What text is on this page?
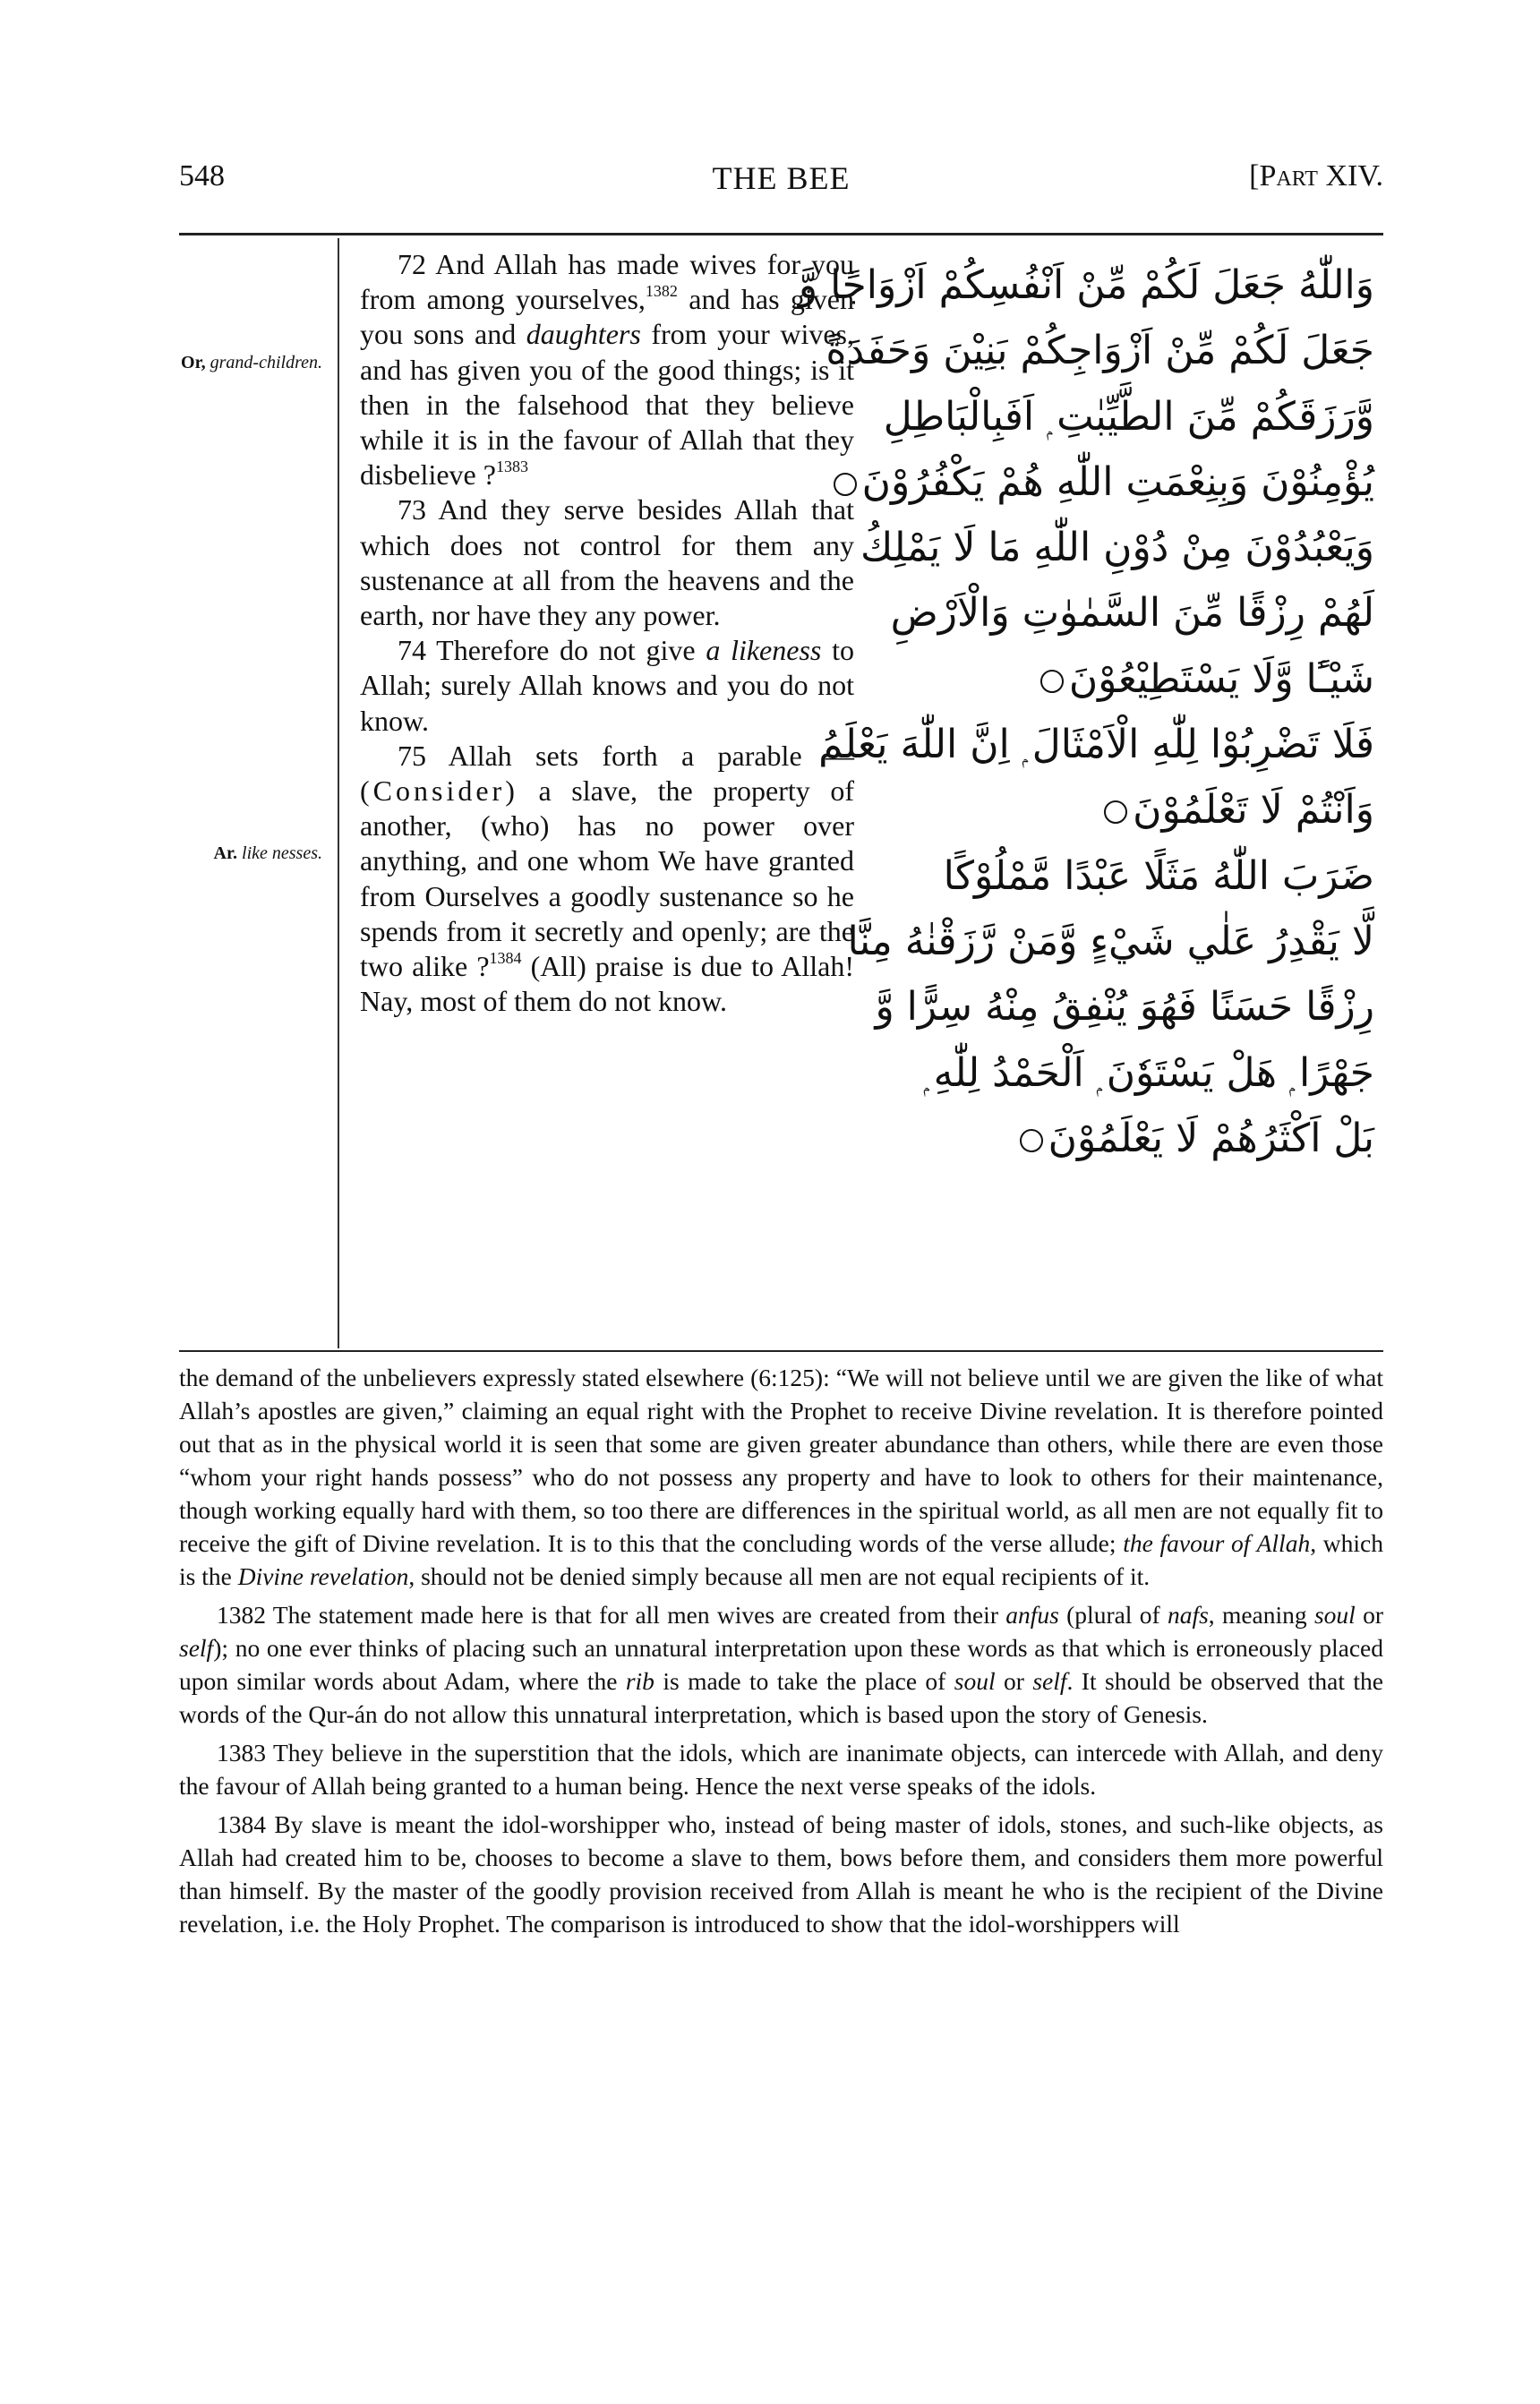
548	THE BEE	[Part XIV.
Or, grand-children.
Ar. like nesses.

72 And Allah has made wives for you from among yourselves,$^{1382}$ and has given you sons and daughters from your wives, and has given you of the good things; is it then in the falsehood that they believe while it is in the favour of Allah that they disbelieve ?$^{1383}$

73 And they serve besides Allah that which does not control for them any sustenance at all from the heavens and the earth, nor have they any power.

74 Therefore do not give a likeness to Allah; surely Allah knows and you do not know.

75 Allah sets forth a parable —(Consider) a slave, the property of another, (who) has no power over anything, and one whom We have granted from Ourselves a goodly sustenance so he spends from it secretly and openly; are the two alike ?$^{1384}$ (All) praise is due to Allah! Nay, most of them do not know.

وَاللّٰهُ جَعَلَ لَكُمْ مِّنْ اَنْفُسِكُمْ اَزْوَاجًا وَّ
جَعَلَ لَكُمْ مِّنْ اَزْوَاجِكُمْ بَنِيْنَ وَحَفَدَةً
وَّرَزَقَكُمْ مِّنَ الطَّيِّبٰتِ ۭ اَفَبِالْبَاطِلِ
يُؤْمِنُوْنَ وَبِنِعْمَتِ اللّٰهِ هُمْ يَكْفُرُوْنَ
وَيَعْبُدُوْنَ مِنْ دُوْنِ اللّٰهِ مَا لَا يَمْلِكُ
لَهُمْ رِزْقًا مِّنَ السَّمٰوٰتِ وَالْاَرْضِ
شَيْـًٔا وَّلَا يَسْتَطِيْعُوْنَ
فَلَا تَضْرِبُوْا لِلّٰهِ الْاَمْثَالَ ۭ اِنَّ اللّٰهَ يَعْلَمُ
وَاَنْتُمْ لَا تَعْلَمُوْنَ
ضَرَبَ اللّٰهُ مَثَلًا عَبْدًا مَّمْلُوْكًا
لَّا يَقْدِرُ عَلٰي شَيْءٍ وَّمَنْ رَّزَقْنٰهُ مِنَّا
رِزْقًا حَسَنًا فَهُوَ يُنْفِقُ مِنْهُ سِرًّا وَّ
جَهْرًا ۭ هَلْ يَسْتَوٗنَ ۭ اَلْحَمْدُ لِلّٰهِ ۭ
بَلْ اَكْثَرُهُمْ لَا يَعْلَمُوْنَ

the demand of the unbelievers expressly stated elsewhere (6:125): “We will not believe until we are given the like of what Allah’s apostles are given,” claiming an equal right with the Prophet to receive Divine revelation. It is therefore pointed out that as in the physical world it is seen that some are given greater abundance than others, while there are even those “whom your right hands possess” who do not possess any property and have to look to others for their maintenance, though working equally hard with them, so too there are differences in the spiritual world, as all men are not equally fit to receive the gift of Divine revelation. It is to this that the concluding words of the verse allude; the favour of Allah, which is the Divine revelation, should not be denied simply because all men are not equal recipients of it.

1382 The statement made here is that for all men wives are created from their anfus (plural of nafs, meaning soul or self); no one ever thinks of placing such an unnatural interpretation upon these words as that which is erroneously placed upon similar words about Adam, where the rib is made to take the place of soul or self. It should be observed that the words of the Qur-án do not allow this unnatural interpretation, which is based upon the story of Genesis.

1383 They believe in the superstition that the idols, which are inanimate objects, can intercede with Allah, and deny the favour of Allah being granted to a human being. Hence the next verse speaks of the idols.

1384 By slave is meant the idol-worshipper who, instead of being master of idols, stones, and such-like objects, as Allah had created him to be, chooses to become a slave to them, bows before them, and considers them more powerful than himself. By the master of the goodly provision received from Allah is meant he who is the recipient of the Divine revelation, i.e. the Holy Prophet. The comparison is introduced to show that the idol-worshippers will
